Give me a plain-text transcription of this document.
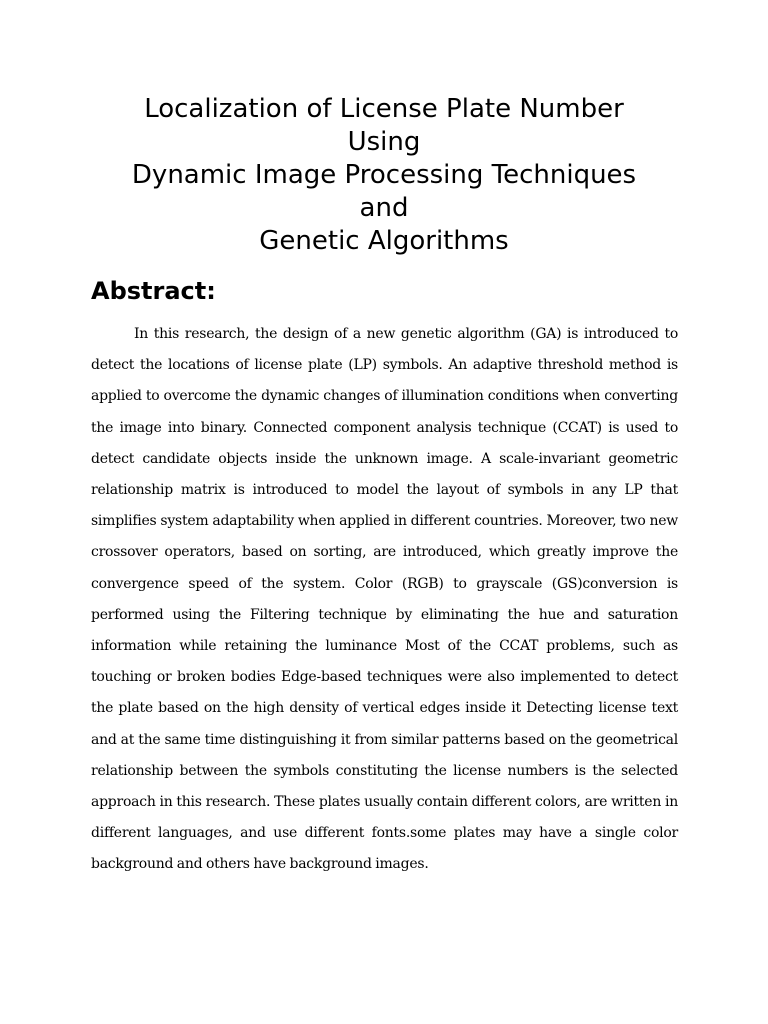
Localization of License Plate Number
Using
Dynamic Image Processing Techniques
and
Genetic Algorithms
Abstract:

In this research, the design of a new genetic algorithm (GA) is introduced to detect the locations of license plate (LP) symbols. An adaptive threshold method is applied to overcome the dynamic changes of illumination conditions when converting the image into binary. Connected component analysis technique (CCAT) is used to detect candidate objects inside the unknown image. A scale-invariant geometric relationship matrix is introduced to model the layout of symbols in any LP that simplifies system adaptability when applied in different countries. Moreover, two new crossover operators, based on sorting, are introduced, which greatly improve the convergence speed of the system. Color (RGB) to grayscale (GS)conversion is performed using the Filtering technique by eliminating the hue and saturation information while retaining the luminance Most of the CCAT problems, such as touching or broken bodies Edge-based techniques were also implemented to detect the plate based on the high density of vertical edges inside it Detecting license text and at the same time distinguishing it from similar patterns based on the geometrical relationship between the symbols constituting the license numbers is the selected approach in this research. These plates usually contain different colors, are written in different languages, and use different fonts.some plates may have a single color background and others have background images.
